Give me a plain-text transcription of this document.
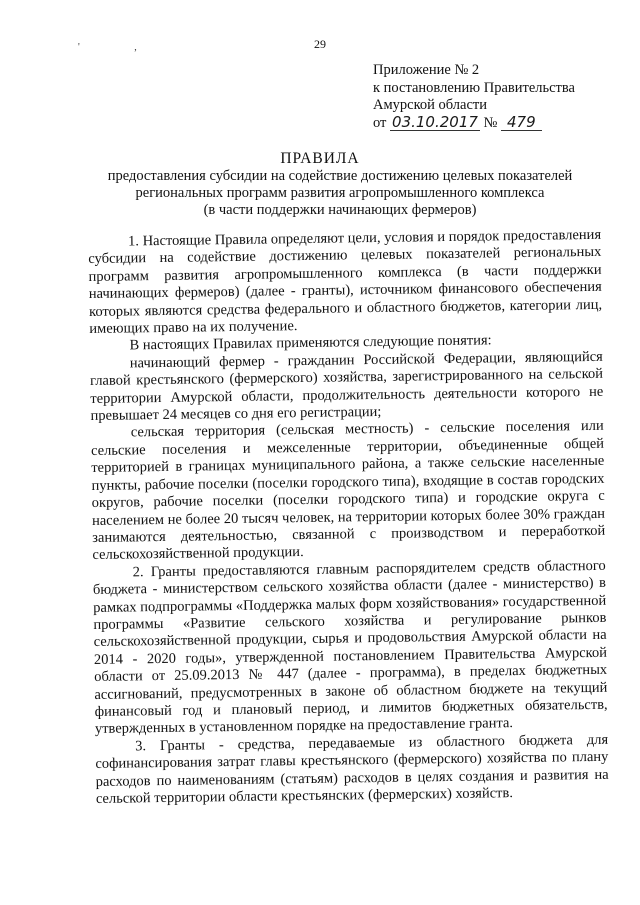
' ,	29
Приложение № 2
к постановлению Правительства
Амурской области
от 03.10.2017 № 479
ПРАВИЛА
предоставления субсидии на содействие достижению целевых показателей
региональных программ развития агропромышленного комплекса
(в части поддержки начинающих фермеров)

1. Настоящие Правила определяют цели, условия и порядок предоставления субсидии на содействие достижению целевых показателей региональных программ развития агропромышленного комплекса (в части поддержки начинающих фермеров) (далее - гранты), источником финансового обеспечения которых являются средства федерального и областного бюджетов, категории лиц, имеющих право на их получение.

В настоящих Правилах применяются следующие понятия:

начинающий фермер - гражданин Российской Федерации, являющийся главой крестьянского (фермерского) хозяйства, зарегистрированного на сельской территории Амурской области, продолжительность деятельности которого не превышает 24 месяцев со дня его регистрации;

сельская территория (сельская местность) - сельские поселения или сельские поселения и межселенные территории, объединенные общей территорией в границах муниципального района, а также сельские населенные пункты, рабочие поселки (поселки городского типа), входящие в состав городских округов, рабочие поселки (поселки городского типа) и городские округа с населением не более 20 тысяч человек, на территории которых более 30% граждан занимаются деятельностью, связанной с производством и переработкой сельскохозяйственной продукции.

2. Гранты предоставляются главным распорядителем средств областного бюджета - министерством сельского хозяйства области (далее - министерство) в рамках подпрограммы «Поддержка малых форм хозяйствования» государственной программы «Развитие сельского хозяйства и регулирование рынков сельскохозяйственной продукции, сырья и продовольствия Амурской области на 2014 - 2020 годы», утвержденной постановлением Правительства Амурской области от 25.09.2013 № 447 (далее - программа), в пределах бюджетных ассигнований, предусмотренных в законе об областном бюджете на текущий финансовый год и плановый период, и лимитов бюджетных обязательств, утвержденных в установленном порядке на предоставление гранта.

3. Гранты - средства, передаваемые из областного бюджета для софинансирования затрат главы крестьянского (фермерского) хозяйства по плану расходов по наименованиям (статьям) расходов в целях создания и развития на сельской территории области крестьянских (фермерских) хозяйств.
